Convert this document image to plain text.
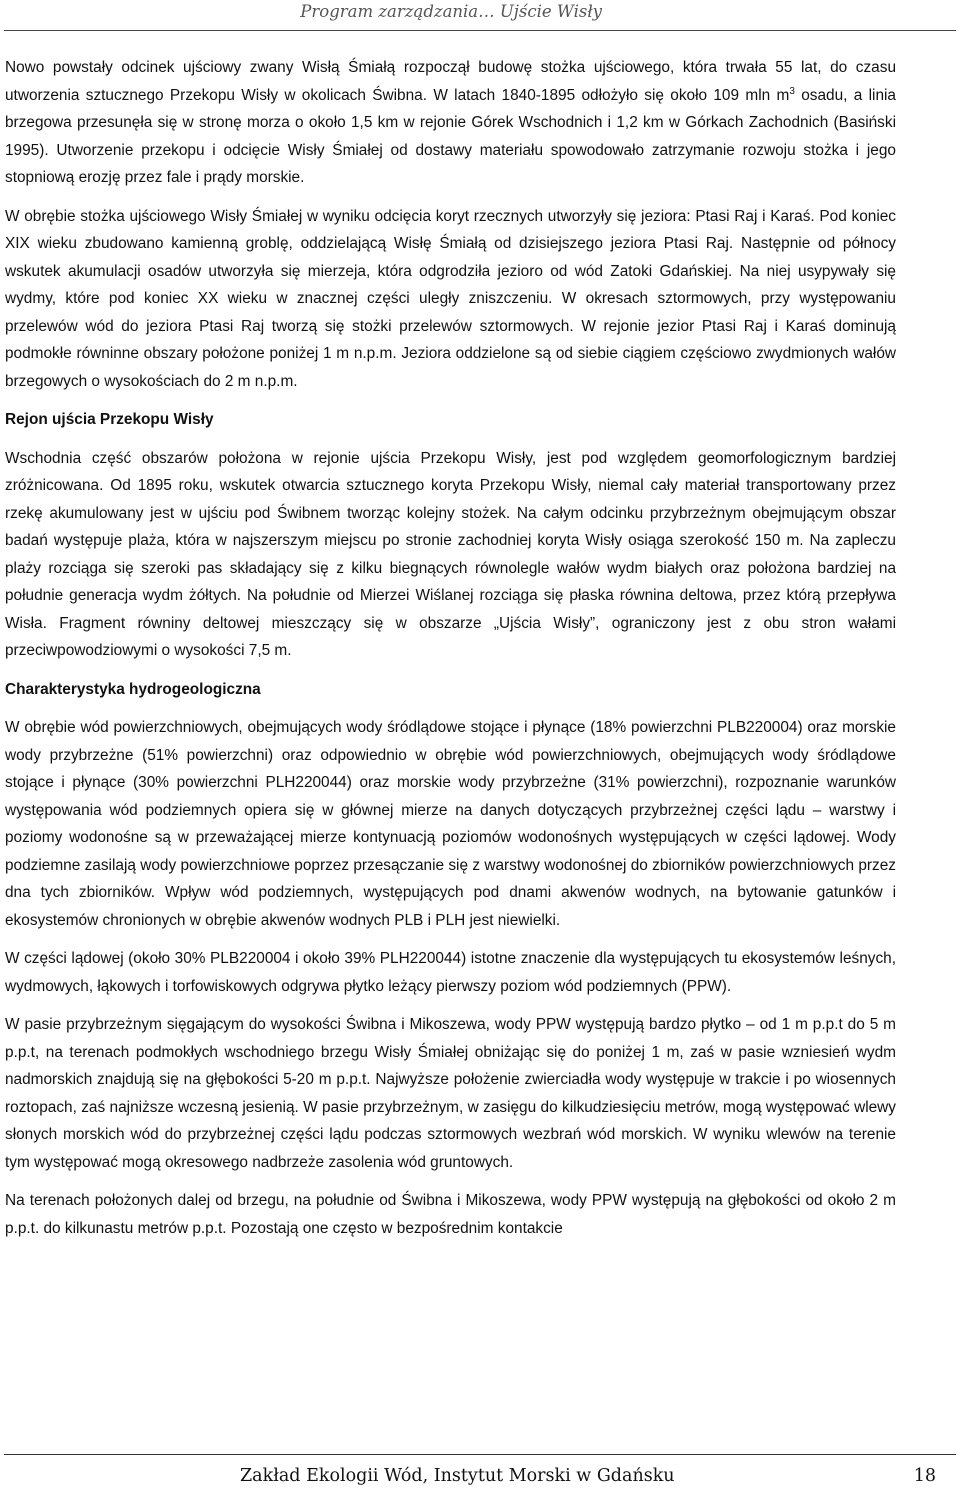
Program zarządzania… Ujście Wisły

Nowo powstały odcinek ujściowy zwany Wisłą Śmiałą rozpoczął budowę stożka ujściowego, która trwała 55 lat, do czasu utworzenia sztucznego Przekopu Wisły w okolicach Świbna. W latach 1840-1895 odłożyło się około 109 mln $m^3$ osadu, a linia brzegowa przesunęła się w stronę morza o około 1,5 km w rejonie Górek Wschodnich i 1,2 km w Górkach Zachodnich (Basiński 1995). Utworzenie przekopu i odcięcie Wisły Śmiałej od dostawy materiału spowodowało zatrzymanie rozwoju stożka i jego stopniową erozję przez fale i prądy morskie.

W obrębie stożka ujściowego Wisły Śmiałej w wyniku odcięcia koryt rzecznych utworzyły się jeziora: Ptasi Raj i Karaś. Pod koniec XIX wieku zbudowano kamienną groblę, oddzielającą Wisłę Śmiałą od dzisiejszego jeziora Ptasi Raj. Następnie od północy wskutek akumulacji osadów utworzyła się mierzeja, która odgrodziła jezioro od wód Zatoki Gdańskiej. Na niej usypywały się wydmy, które pod koniec XX wieku w znacznej części uległy zniszczeniu. W okresach sztormowych, przy występowaniu przelewów wód do jeziora Ptasi Raj tworzą się stożki przelewów sztormowych. W rejonie jezior Ptasi Raj i Karaś dominują podmokłe równinne obszary położone poniżej 1 m n.p.m. Jeziora oddzielone są od siebie ciągiem częściowo zwydmionych wałów brzegowych o wysokościach do 2 m n.p.m.

Rejon ujścia Przekopu Wisły

Wschodnia część obszarów położona w rejonie ujścia Przekopu Wisły, jest pod względem geomorfologicznym bardziej zróżnicowana. Od 1895 roku, wskutek otwarcia sztucznego koryta Przekopu Wisły, niemal cały materiał transportowany przez rzekę akumulowany jest w ujściu pod Świbnem tworząc kolejny stożek. Na całym odcinku przybrzeżnym obejmującym obszar badań występuje plaża, która w najszerszym miejscu po stronie zachodniej koryta Wisły osiąga szerokość 150 m. Na zapleczu plaży rozciąga się szeroki pas składający się z kilku biegnących równolegle wałów wydm białych oraz położona bardziej na południe generacja wydm żółtych. Na południe od Mierzei Wiślanej rozciąga się płaska równina deltowa, przez którą przepływa Wisła. Fragment równiny deltowej mieszczący się w obszarze „Ujścia Wisły”, ograniczony jest z obu stron wałami przeciwpowodziowymi o wysokości 7,5 m.

Charakterystyka hydrogeologiczna

W obrębie wód powierzchniowych, obejmujących wody śródlądowe stojące i płynące (18% powierzchni PLB220004) oraz morskie wody przybrzeżne (51% powierzchni) oraz odpowiednio w obrębie wód powierzchniowych, obejmujących wody śródlądowe stojące i płynące (30% powierzchni PLH220044) oraz morskie wody przybrzeżne (31% powierzchni), rozpoznanie warunków występowania wód podziemnych opiera się w głównej mierze na danych dotyczących przybrzeżnej części lądu – warstwy i poziomy wodonośne są w przeważającej mierze kontynuacją poziomów wodonośnych występujących w części lądowej. Wody podziemne zasilają wody powierzchniowe poprzez przesączanie się z warstwy wodonośnej do zbiorników powierzchniowych przez dna tych zbiorników. Wpływ wód podziemnych, występujących pod dnami akwenów wodnych, na bytowanie gatunków i ekosystemów chronionych w obrębie akwenów wodnych PLB i PLH jest niewielki.

W części lądowej (około 30% PLB220004 i około 39% PLH220044) istotne znaczenie dla występujących tu ekosystemów leśnych, wydmowych, łąkowych i torfowiskowych odgrywa płytko leżący pierwszy poziom wód podziemnych (PPW).

W pasie przybrzeżnym sięgającym do wysokości Świbna i Mikoszewa, wody PPW występują bardzo płytko – od 1 m p.p.t do 5 m p.p.t, na terenach podmokłych wschodniego brzegu Wisły Śmiałej obniżając się do poniżej 1 m, zaś w pasie wzniesień wydm nadmorskich znajdują się na głębokości 5-20 m p.p.t. Najwyższe położenie zwierciadła wody występuje w trakcie i po wiosennych roztopach, zaś najniższe wczesną jesienią. W pasie przybrzeżnym, w zasięgu do kilkudziesięciu metrów, mogą występować wlewy słonych morskich wód do przybrzeżnej części lądu podczas sztormowych wezbrań wód morskich. W wyniku wlewów na terenie tym występować mogą okresowego nadbrzeże zasolenia wód gruntowych.

Na terenach położonych dalej od brzegu, na południe od Świbna i Mikoszewa, wody PPW występują na głębokości od około 2 m p.p.t. do kilkunastu metrów p.p.t. Pozostają one często w bezpośrednim kontakcie

Zakład Ekologii Wód, Instytut Morski w Gdańsku	18
